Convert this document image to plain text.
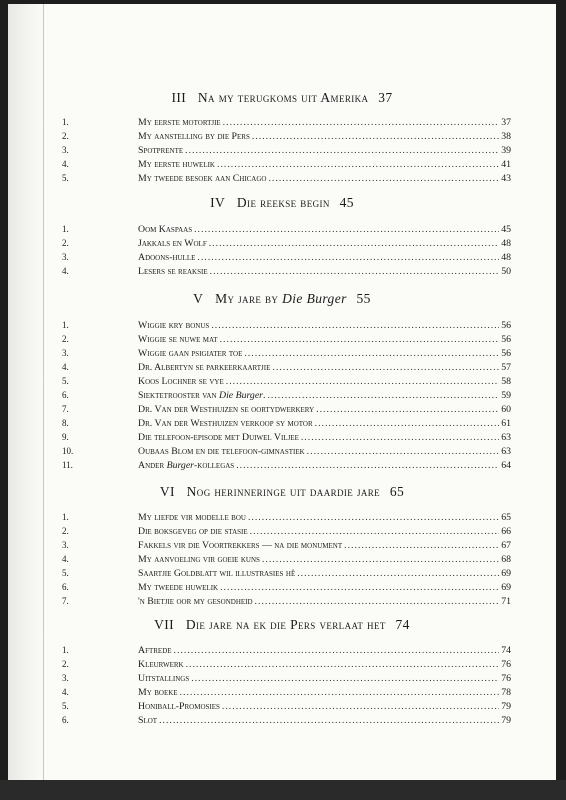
III Na my terugkoms uit Amerika 37
1.	My eerste motortjie .....	37
2.	My aanstelling by die Pers .....	38
3.	Spotprente .....	39
4.	My eerste huwelik .....	41
5.	My tweede besoek aan Chicago .....	43
IV Die reekse begin 45
1.	Oom Kaspaas .....	45
2.	Jakkals en Wolf .....	48
3.	Adoons-hulle .....	48
4.	Lesers se reaksie .....	50
V My jare by Die Burger 55
1.	Wiggie kry bonus .....	56
2.	Wiggie se nuwe mat .....	56
3.	Wiggie gaan psigiater toe .....	56
4.	Dr. Albertyn se parkeerkaartjie .....	57
5.	Koos Lochner se vye .....	58
6.	Siektetrooster van Die Burger. .....	59
7.	Dr. Van der Westhuizen se oortydwerkery .....	60
8.	Dr. Van der Westhuizen verkoop sy motor .....	61
9.	Die telefoon-episode met Duiwel Viljee .....	63
10.	Oubaas Blom en die telefoon-gimnastiek .....	63
11.	Ander Burger-kollegas .....	64
VI Nog herinneringe uit daardie jare 65
1.	My liefde vir modelle bou .....	65
2.	Die boksgeveg op die stasie .....	66
3.	Fakkels vir die Voortrekkers — na die monument .....	67
4.	My aanvoeling vir goeie kuns .....	68
5.	Saartjie Goldblatt wil illustrasies hê .....	69
6.	My tweede huwelik .....	69
7.	'n Bietjie oor my gesondheid .....	71
VII Die jare na ek die Pers verlaat het 74
1.	Aftrede .....	74
2.	Kleurwerk .....	76
3.	Uitstallings .....	76
4.	My boeke .....	78
5.	Honiball-Promosies .....	79
6.	Slot .....	79
